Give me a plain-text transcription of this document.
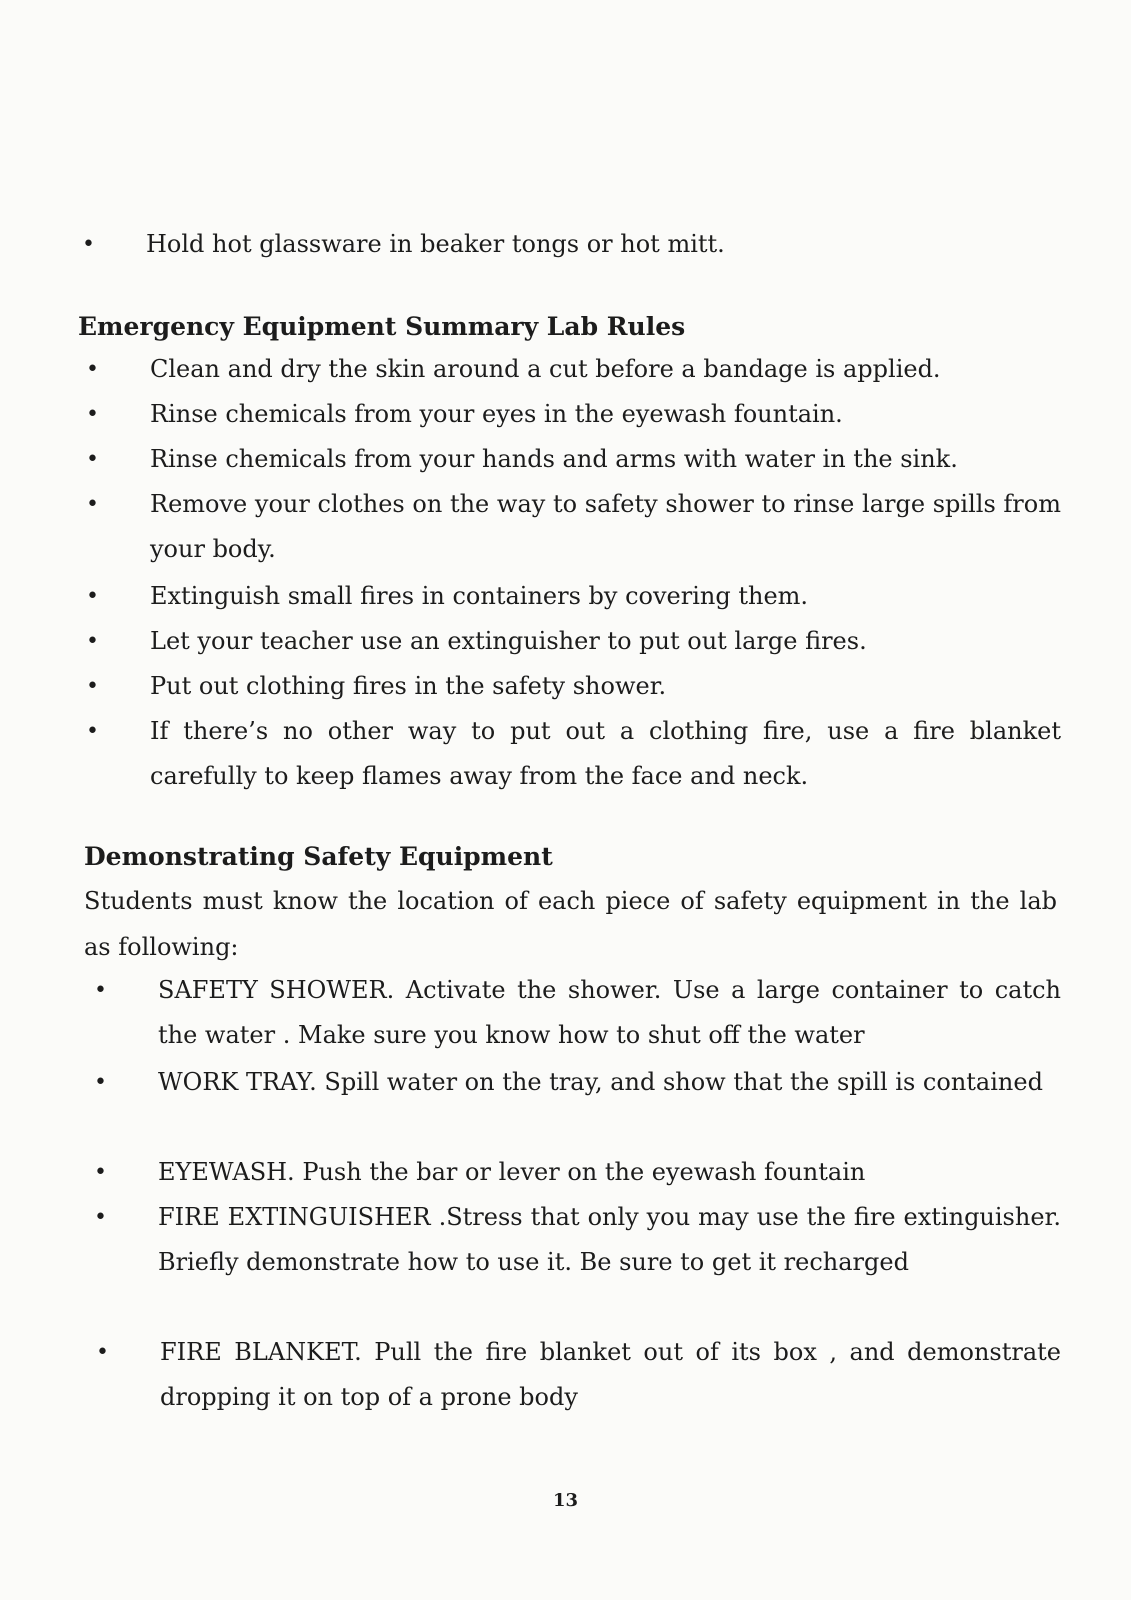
• Hold hot glassware in beaker tongs or hot mitt.
Emergency Equipment Summary Lab Rules
• Clean and dry the skin around a cut before a bandage is applied.
• Rinse chemicals from your eyes in the eyewash fountain.
• Rinse chemicals from your hands and arms with water in the sink.
• Remove your clothes on the way to safety shower to rinse large spills from your body.
• Extinguish small fires in containers by covering them.
• Let your teacher use an extinguisher to put out large fires.
• Put out clothing fires in the safety shower.
• If there’s no other way to put out a clothing fire, use a fire blanket carefully to keep flames away from the face and neck.
Demonstrating Safety Equipment
Students must know the location of each piece of safety equipment in the lab as following:
• SAFETY SHOWER. Activate the shower. Use a large container to catch the water . Make sure you know how to shut off the water
• WORK TRAY. Spill water on the tray, and show that the spill is contained
• EYEWASH. Push the bar or lever on the eyewash fountain
• FIRE EXTINGUISHER .Stress that only you may use the fire extinguisher. Briefly demonstrate how to use it. Be sure to get it recharged
• FIRE BLANKET. Pull the fire blanket out of its box , and demonstrate dropping it on top of a prone body
13
